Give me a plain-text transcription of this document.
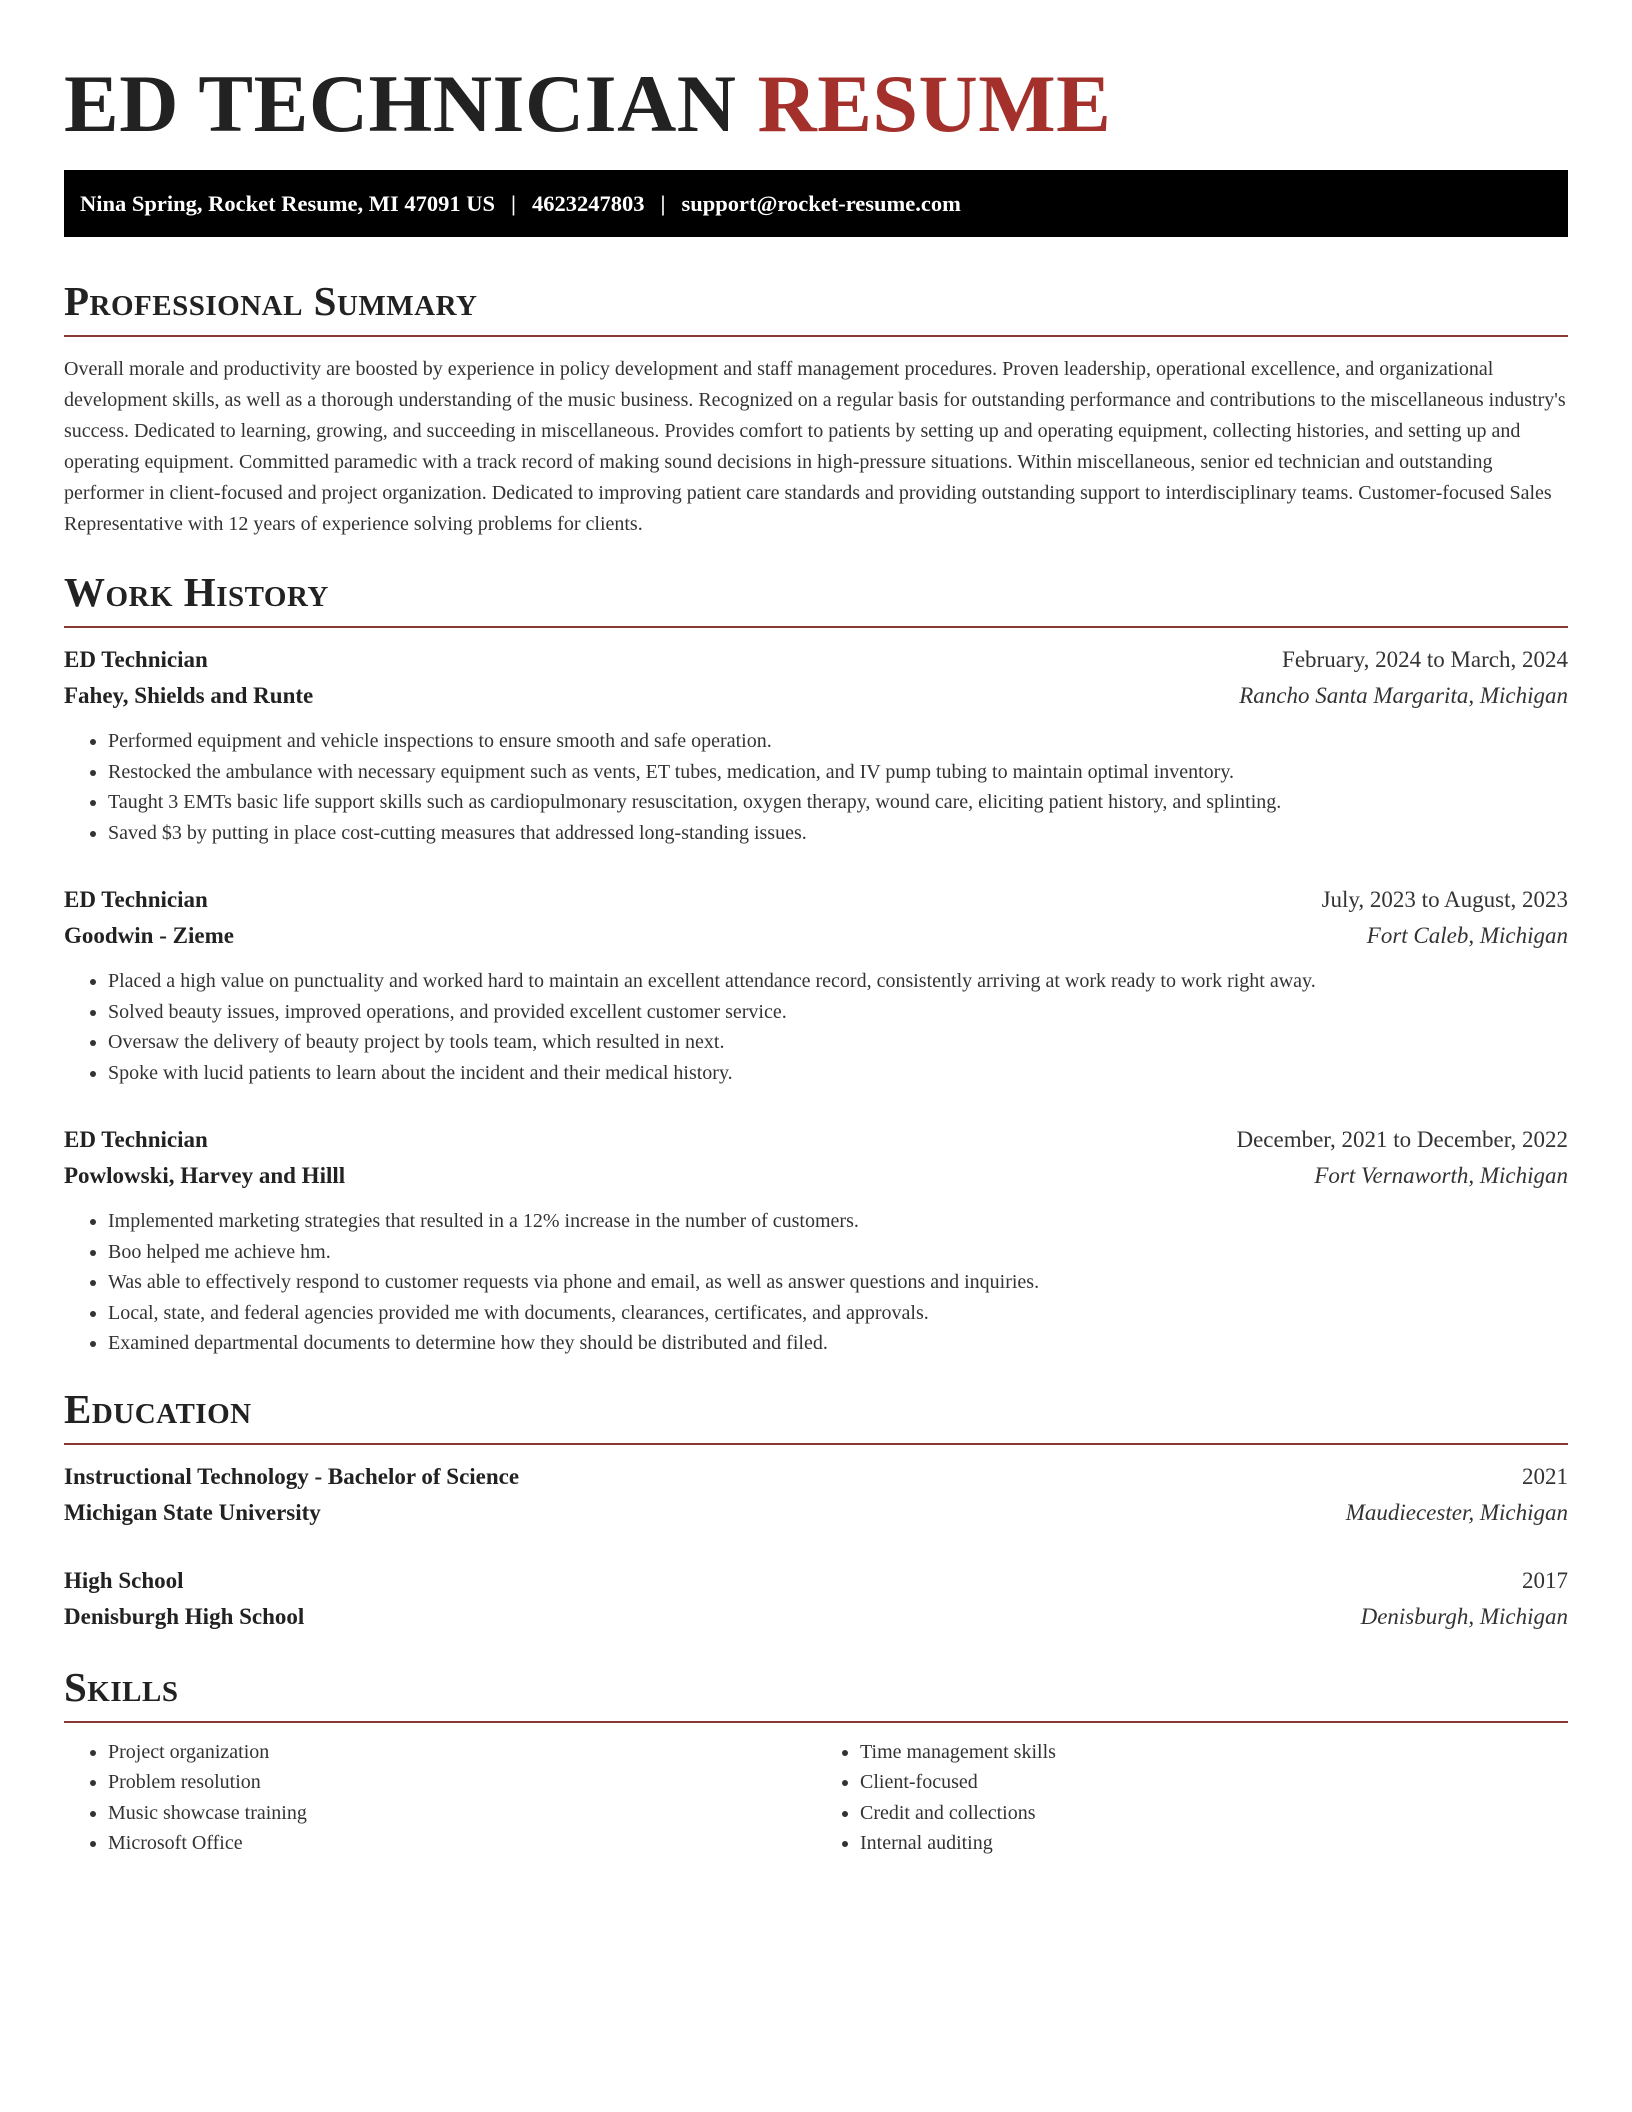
ED TECHNICIAN RESUME
Nina Spring, Rocket Resume, MI 47091 US | 4623247803 | support@rocket-resume.com
Professional Summary

Overall morale and productivity are boosted by experience in policy development and staff management procedures. Proven leadership, operational excellence, and organizational development skills, as well as a thorough understanding of the music business. Recognized on a regular basis for outstanding performance and contributions to the miscellaneous industry's success. Dedicated to learning, growing, and succeeding in miscellaneous. Provides comfort to patients by setting up and operating equipment, collecting histories, and setting up and operating equipment. Committed paramedic with a track record of making sound decisions in high-pressure situations. Within miscellaneous, senior ed technician and outstanding performer in client-focused and project organization. Dedicated to improving patient care standards and providing outstanding support to interdisciplinary teams. Customer-focused Sales Representative with 12 years of experience solving problems for clients.

Work History
ED Technician	February, 2024 to March, 2024
Fahey, Shields and Runte	Rancho Santa Margarita, Michigan
• Performed equipment and vehicle inspections to ensure smooth and safe operation.
• Restocked the ambulance with necessary equipment such as vents, ET tubes, medication, and IV pump tubing to maintain optimal inventory.
• Taught 3 EMTs basic life support skills such as cardiopulmonary resuscitation, oxygen therapy, wound care, eliciting patient history, and splinting.
• Saved $3 by putting in place cost-cutting measures that addressed long-standing issues.
ED Technician	July, 2023 to August, 2023
Goodwin - Zieme	Fort Caleb, Michigan
• Placed a high value on punctuality and worked hard to maintain an excellent attendance record, consistently arriving at work ready to work right away.
• Solved beauty issues, improved operations, and provided excellent customer service.
• Oversaw the delivery of beauty project by tools team, which resulted in next.
• Spoke with lucid patients to learn about the incident and their medical history.
ED Technician	December, 2021 to December, 2022
Powlowski, Harvey and Hilll	Fort Vernaworth, Michigan
• Implemented marketing strategies that resulted in a 12% increase in the number of customers.
• Boo helped me achieve hm.
• Was able to effectively respond to customer requests via phone and email, as well as answer questions and inquiries.
• Local, state, and federal agencies provided me with documents, clearances, certificates, and approvals.
• Examined departmental documents to determine how they should be distributed and filed.
Education
Instructional Technology - Bachelor of Science	2021
Michigan State University	Maudiecester, Michigan
High School	2017
Denisburgh High School	Denisburgh, Michigan
Skills
• Project organization
• Problem resolution
• Music showcase training
• Microsoft Office
• Time management skills
• Client-focused
• Credit and collections
• Internal auditing
